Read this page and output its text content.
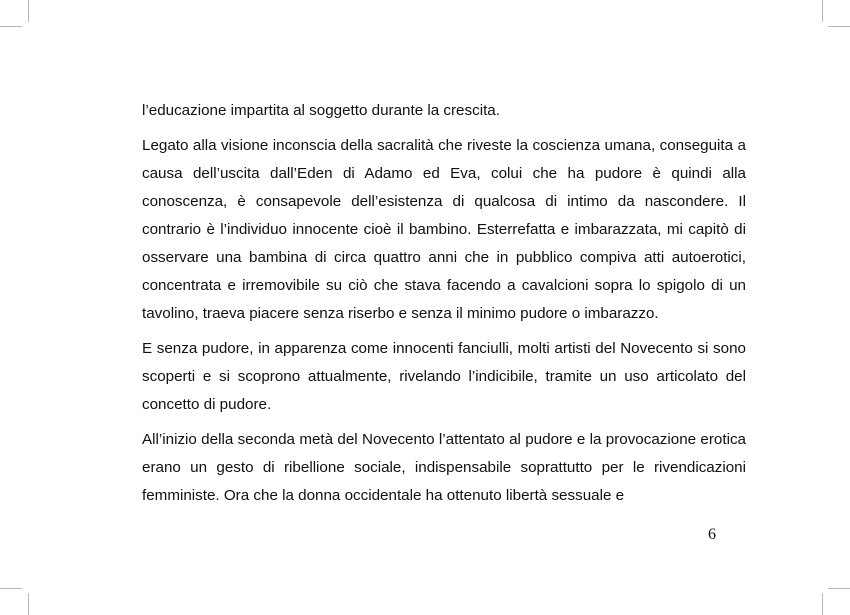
l’educazione impartita al soggetto durante la crescita.

Legato alla visione inconscia della sacralità che riveste la coscienza umana, conseguita a causa dell’uscita dall’Eden di Adamo ed Eva, colui che ha pudore è quindi alla conoscenza, è consapevole dell’esistenza di qualcosa di intimo da nascondere. Il contrario è l’individuo innocente cioè il bambino. Esterrefatta e imbarazzata, mi capitò di osservare una bambina di circa quattro anni che in pubblico compiva atti autoerotici, concentrata e irremovibile su ciò che stava facendo a cavalcioni sopra lo spigolo di un tavolino, traeva piacere senza riserbo e senza il minimo pudore o imbarazzo.

E senza pudore, in apparenza come innocenti fanciulli, molti artisti del Novecento si sono scoperti e si scoprono attualmente, rivelando l’indicibile, tramite un uso articolato del concetto di pudore.

All’inizio della seconda metà del Novecento l’attentato al pudore e la provocazione erotica erano un gesto di ribellione sociale, indispensabile soprattutto per le rivendicazioni femministe. Ora che la donna occidentale ha ottenuto libertà sessuale e

6
